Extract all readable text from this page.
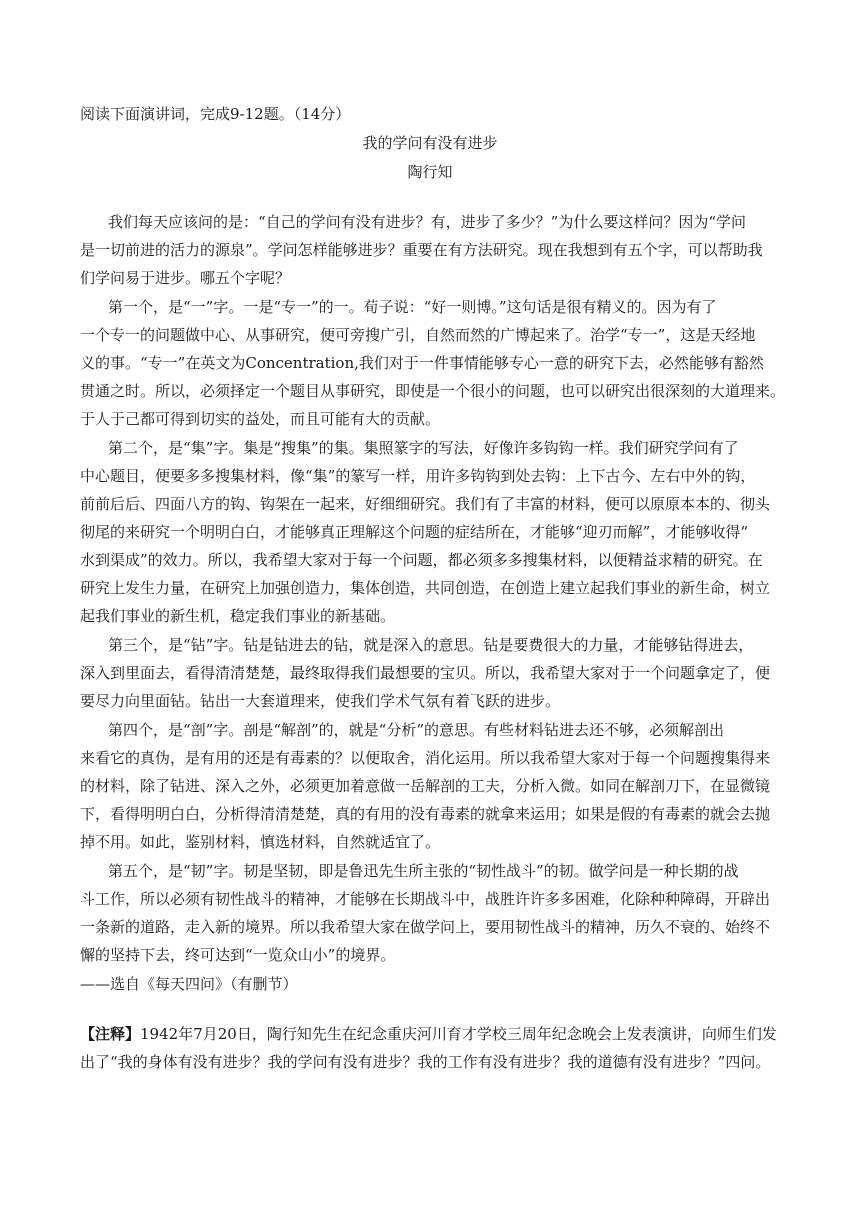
阅读下面演讲词，完成9-12题。（14分）
我的学问有没有进步
陶行知
我们每天应该问的是：“自己的学问有没有进步？有，进步了多少？”为什么要这样问？因为“学问
是一切前进的活力的源泉”。学问怎样能够进步？重要在有方法研究。现在我想到有五个字，可以帮助我
们学问易于进步。哪五个字呢？
第一个，是“一”字。一是“专一”的一。荀子说：“好一则博。”这句话是很有精义的。因为有了
一个专一的问题做中心、从事研究，便可旁搜广引，自然而然的广博起来了。治学“专一”，这是天经地
义的事。“专一”在英文为Concentration,我们对于一件事情能够专心一意的研究下去，必然能够有豁然
贯通之时。所以，必须择定一个题目从事研究，即使是一个很小的问题，也可以研究出很深刻的大道理来。
于人于己都可得到切实的益处，而且可能有大的贡献。
第二个，是“集”字。集是“搜集”的集。集照篆字的写法，好像许多钩钩一样。我们研究学问有了
中心题目，便要多多搜集材料，像“集”的篆写一样，用许多钩钩到处去钩：上下古今、左右中外的钩，
前前后后、四面八方的钩、钩架在一起来，好细细研究。我们有了丰富的材料，便可以原原本本的、彻头
彻尾的来研究一个明明白白，才能够真正理解这个问题的症结所在，才能够“迎刃而解”，才能够收得“
水到渠成”的效力。所以，我希望大家对于每一个问题，都必须多多搜集材料，以便精益求精的研究。在
研究上发生力量，在研究上加强创造力，集体创造，共同创造，在创造上建立起我们事业的新生命，树立
起我们事业的新生机，稳定我们事业的新基础。
第三个，是“钻”字。钻是钻进去的钻，就是深入的意思。钻是要费很大的力量，才能够钻得进去，
深入到里面去，看得清清楚楚，最终取得我们最想要的宝贝。所以，我希望大家对于一个问题拿定了，便
要尽力向里面钻。钻出一大套道理来，使我们学术气氛有着飞跃的进步。
第四个，是“剖”字。剖是“解剖”的，就是“分析”的意思。有些材料钻进去还不够，必须解剖出
来看它的真伪，是有用的还是有毒素的？以便取舍，消化运用。所以我希望大家对于每一个问题搜集得来
的材料，除了钻进、深入之外，必须更加着意做一岳解剖的工夫，分析入微。如同在解剖刀下，在显微镜
下，看得明明白白，分析得清清楚楚，真的有用的没有毒素的就拿来运用；如果是假的有毒素的就会去抛
掉不用。如此，鉴别材料，慎选材料，自然就适宜了。
第五个，是“韧”字。韧是坚韧，即是鲁迅先生所主张的“韧性战斗”的韧。做学问是一种长期的战
斗工作，所以必须有韧性战斗的精神，才能够在长期战斗中，战胜许许多多困难，化除种种障碍，开辟出
一条新的道路，走入新的境界。所以我希望大家在做学问上，要用韧性战斗的精神，历久不衰的、始终不
懈的坚持下去，终可达到“一览众山小”的境界。
——选自《每天四问》（有删节）
【注释】1942年7月20日，陶行知先生在纪念重庆河川育才学校三周年纪念晚会上发表演讲，向师生们发
出了“我的身体有没有进步？我的学问有没有进步？我的工作有没有进步？我的道德有没有进步？”四问。
